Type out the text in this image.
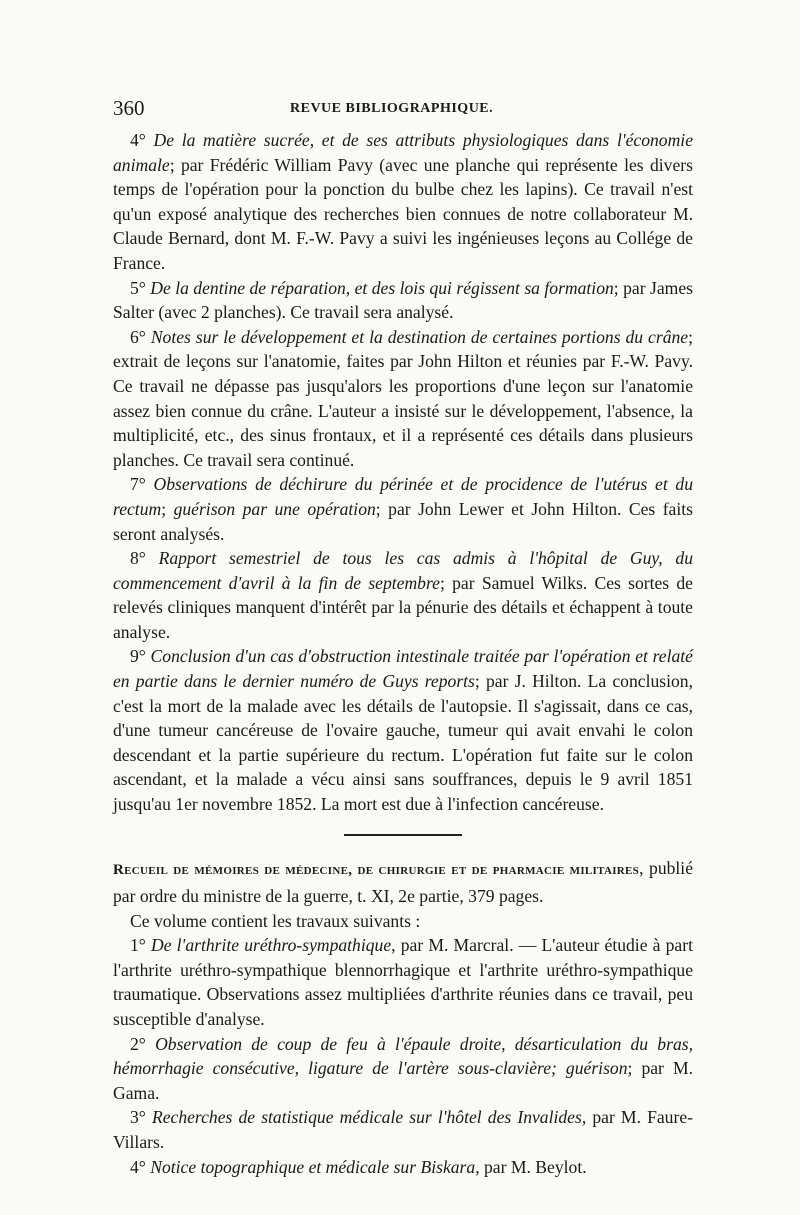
360	REVUE BIBLIOGRAPHIQUE.

4° De la matière sucrée, et de ses attributs physiologiques dans l'économie animale; par Frédéric William Pavy (avec une planche qui représente les divers temps de l'opération pour la ponction du bulbe chez les lapins). Ce travail n'est qu'un exposé analytique des recherches bien connues de notre collaborateur M. Claude Bernard, dont M. F.-W. Pavy a suivi les ingénieuses leçons au Collége de France.

5° De la dentine de réparation, et des lois qui régissent sa formation; par James Salter (avec 2 planches). Ce travail sera analysé.

6° Notes sur le développement et la destination de certaines portions du crâne; extrait de leçons sur l'anatomie, faites par John Hilton et réunies par F.-W. Pavy. Ce travail ne dépasse pas jusqu'alors les proportions d'une leçon sur l'anatomie assez bien connue du crâne. L'auteur a insisté sur le développement, l'absence, la multiplicité, etc., des sinus frontaux, et il a représenté ces détails dans plusieurs planches. Ce travail sera continué.

7° Observations de déchirure du périnée et de procidence de l'utérus et du rectum; guérison par une opération; par John Lewer et John Hilton. Ces faits seront analysés.

8° Rapport semestriel de tous les cas admis à l'hôpital de Guy, du commencement d'avril à la fin de septembre; par Samuel Wilks. Ces sortes de relevés cliniques manquent d'intérêt par la pénurie des détails et échappent à toute analyse.

9° Conclusion d'un cas d'obstruction intestinale traitée par l'opération et relaté en partie dans le dernier numéro de Guys reports; par J. Hilton. La conclusion, c'est la mort de la malade avec les détails de l'autopsie. Il s'agissait, dans ce cas, d'une tumeur cancéreuse de l'ovaire gauche, tumeur qui avait envahi le colon descendant et la partie supérieure du rectum. L'opération fut faite sur le colon ascendant, et la malade a vécu ainsi sans souffrances, depuis le 9 avril 1851 jusqu'au 1er novembre 1852. La mort est due à l'infection cancéreuse.

Recueil de mémoires de médecine, de chirurgie et de pharmacie militaires, publié par ordre du ministre de la guerre, t. XI, 2e partie, 379 pages.

Ce volume contient les travaux suivants :

1° De l'arthrite uréthro-sympathique, par M. Marcral. — L'auteur étudie à part l'arthrite uréthro-sympathique blennorrhagique et l'arthrite uréthro-sympathique traumatique. Observations assez multipliées d'arthrite réunies dans ce travail, peu susceptible d'analyse.

2° Observation de coup de feu à l'épaule droite, désarticulation du bras, hémorrhagie consécutive, ligature de l'artère sous-clavière; guérison; par M. Gama.

3° Recherches de statistique médicale sur l'hôtel des Invalides, par M. Faure-Villars.

4° Notice topographique et médicale sur Biskara, par M. Beylot.
